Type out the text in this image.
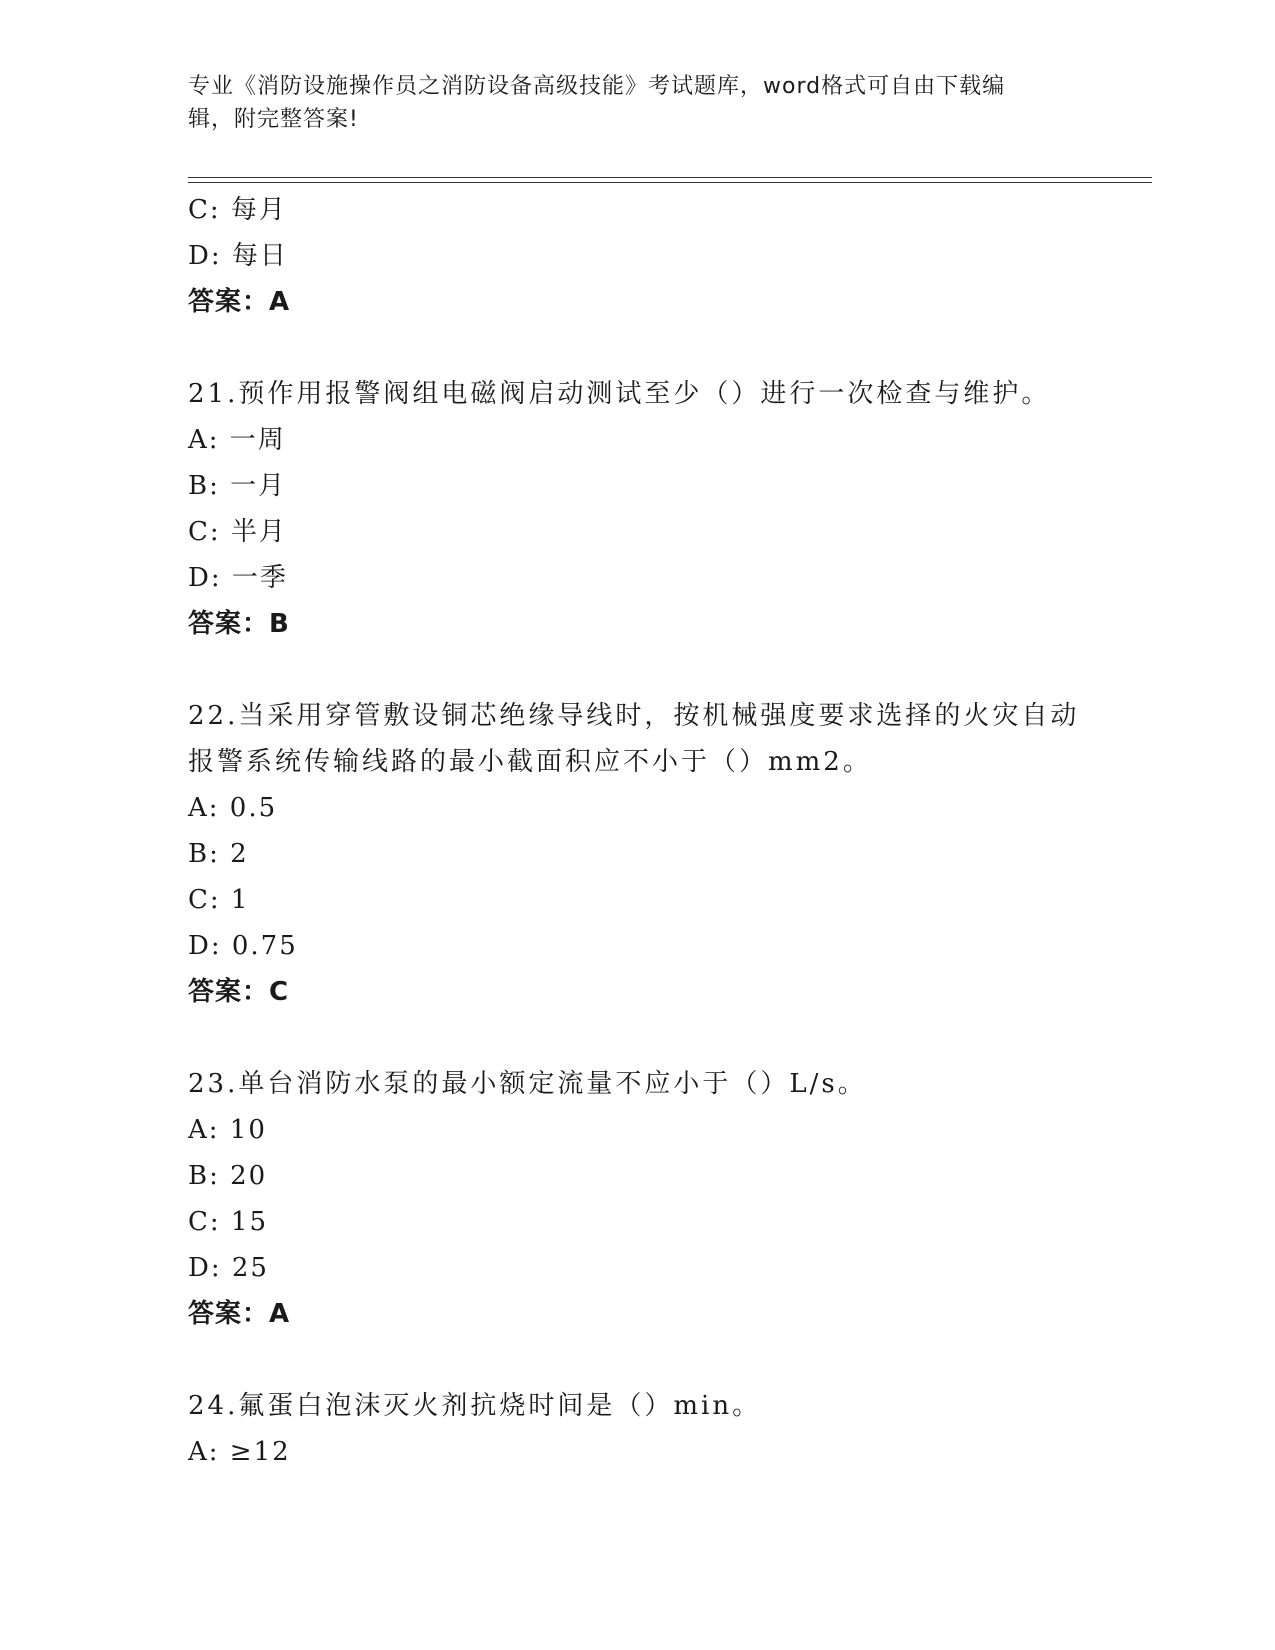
专业《消防设施操作员之消防设备高级技能》考试题库，word格式可自由下载编
辑，附完整答案!
C: 每月
D: 每日
答案：A
21.预作用报警阀组电磁阀启动测试至少（）进行一次检查与维护。
A: 一周
B: 一月
C: 半月
D: 一季
答案：B
22.当采用穿管敷设铜芯绝缘导线时，按机械强度要求选择的火灾自动
报警系统传输线路的最小截面积应不小于（）mm2。
A: 0.5
B: 2
C: 1
D: 0.75
答案：C
23.单台消防水泵的最小额定流量不应小于（）L/s。
A: 10
B: 20
C: 15
D: 25
答案：A
24.氟蛋白泡沫灭火剂抗烧时间是（）min。
A: ≥12
